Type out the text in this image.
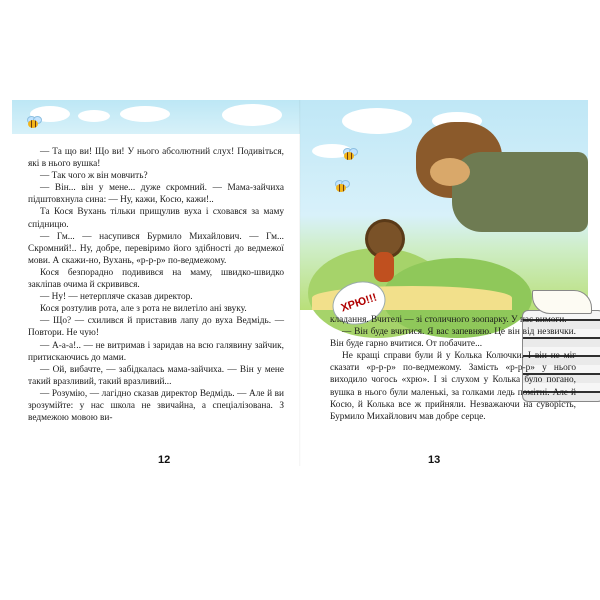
ХРЮ!!!

— Та що ви! Що ви! У нього абсолютний слух! Подивіться, які в нього вушка!

— Так чого ж він мовчить?

— Він... він у мене... дуже скромний. — Мама-зайчиха підштовхнула сина: — Ну, кажи, Косю, кажи!..

Та Кося Вухань тільки прищулив вуха і сховався за маму спідницю.

— Гм... — насупився Бурмило Михайлович. — Гм... Скромний!.. Ну, добре, перевіримо його здібності до ведмежої мови. А скажи-но, Вухань, «р-р-р» по-ведмежому.

Кося безпорадно подивився на маму, швидко-швидко закліпав очима й скривився.

— Ну! — нетерпляче сказав директор.

Кося розтулив рота, але з рота не вилетіло ані звуку.

— Що? — схилився й приставив лапу до вуха Ведмідь. — Повтори. Не чую!

— А-а-а!.. — не витримав і заридав на всю галявину зайчик, притискаючись до мами.

— Ой, вибачте, — забідкалась мама-зайчиха. — Він у мене такий вразливий, такий вразливий...

— Розумію, — лагідно сказав директор Ведмідь. — Але й ви зрозумійте: у нас школа не звичайна, а спеціалізована. З ведмежою мовою ви-

12

кладання. Вчителі — зі столичного зоопарку. У нас вимоги.

— Він буде вчитися. Я вас запевняю. Це він від незвички. Він буде гарно вчитися. От побачите...

Не кращі справи були й у Колька Колючки. І він не міг сказати «р-р-р» по-ведмежому. Замість «р-р-р» у нього виходило чогось «хрю». І зі слухом у Колька було погано, вушка в нього були маленькі, за голками ледь помітні. Але й Косю, й Колька все ж прийняли. Незважаючи на суворість, Бурмило Михайлович мав добре серце.

13
